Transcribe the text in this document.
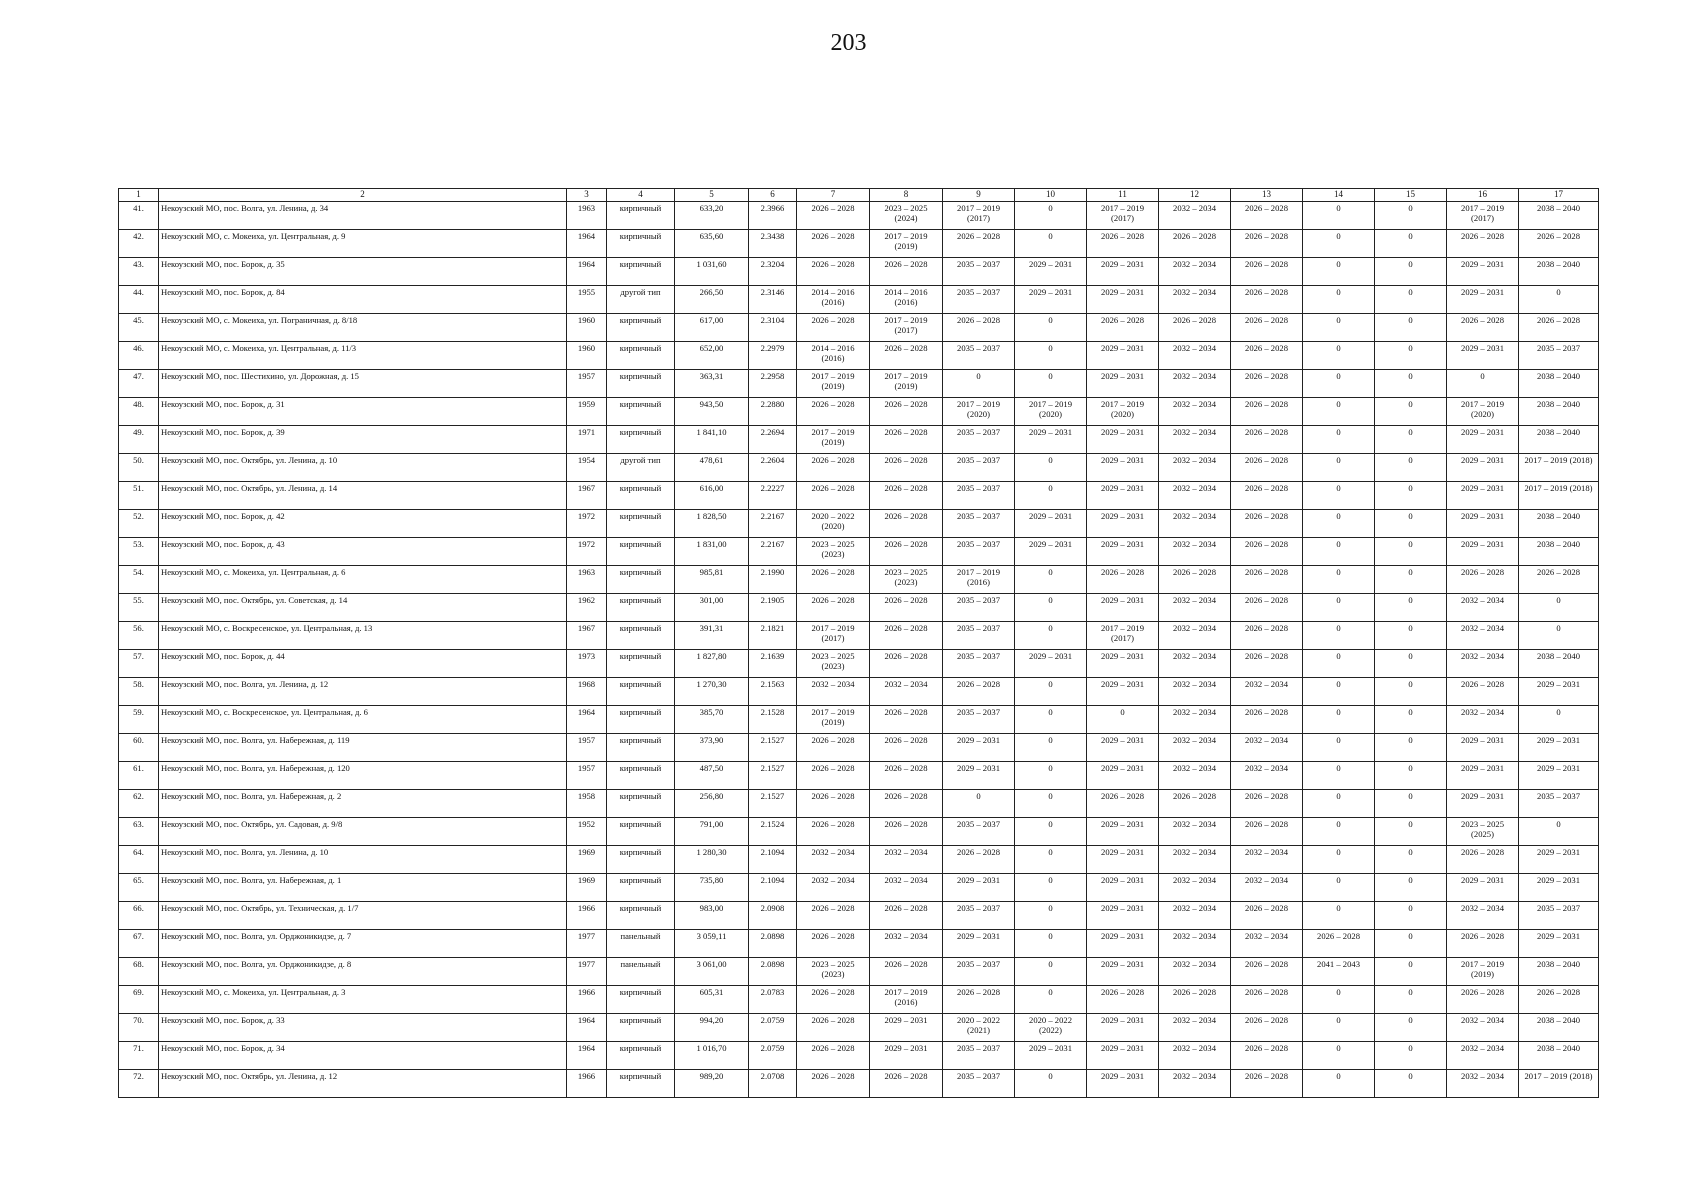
203
1	2	3	4	5	6	7	8	9	10	11	12	13	14	15	16	17
41.	Некоузский МО, пос. Волга, ул. Ленина, д. 34	1963	кирпичный	633,20	2.3966	2026 – 2028	2023 – 2025 (2024)	2017 – 2019 (2017)	0	2017 – 2019 (2017)	2032 – 2034	2026 – 2028	0	0	2017 – 2019 (2017)	2038 – 2040
42.	Некоузский МО, с. Мокеиха, ул. Центральная, д. 9	1964	кирпичный	635,60	2.3438	2026 – 2028	2017 – 2019 (2019)	2026 – 2028	0	2026 – 2028	2026 – 2028	2026 – 2028	0	0	2026 – 2028	2026 – 2028
43.	Некоузский МО, пос. Борок, д. 35	1964	кирпичный	1 031,60	2.3204	2026 – 2028	2026 – 2028	2035 – 2037	2029 – 2031	2029 – 2031	2032 – 2034	2026 – 2028	0	0	2029 – 2031	2038 – 2040
44.	Некоузский МО, пос. Борок, д. 84	1955	другой тип	266,50	2.3146	2014 – 2016 (2016)	2014 – 2016 (2016)	2035 – 2037	2029 – 2031	2029 – 2031	2032 – 2034	2026 – 2028	0	0	2029 – 2031	0
45.	Некоузский МО, с. Мокеиха, ул. Пограничная, д. 8/18	1960	кирпичный	617,00	2.3104	2026 – 2028	2017 – 2019 (2017)	2026 – 2028	0	2026 – 2028	2026 – 2028	2026 – 2028	0	0	2026 – 2028	2026 – 2028
46.	Некоузский МО, с. Мокеиха, ул. Центральная, д. 11/3	1960	кирпичный	652,00	2.2979	2014 – 2016 (2016)	2026 – 2028	2035 – 2037	0	2029 – 2031	2032 – 2034	2026 – 2028	0	0	2029 – 2031	2035 – 2037
47.	Некоузский МО, пос. Шестихино, ул. Дорожная, д. 15	1957	кирпичный	363,31	2.2958	2017 – 2019 (2019)	2017 – 2019 (2019)	0	0	2029 – 2031	2032 – 2034	2026 – 2028	0	0	0	2038 – 2040
48.	Некоузский МО, пос. Борок, д. 31	1959	кирпичный	943,50	2.2880	2026 – 2028	2026 – 2028	2017 – 2019 (2020)	2017 – 2019 (2020)	2017 – 2019 (2020)	2032 – 2034	2026 – 2028	0	0	2017 – 2019 (2020)	2038 – 2040
49.	Некоузский МО, пос. Борок, д. 39	1971	кирпичный	1 841,10	2.2694	2017 – 2019 (2019)	2026 – 2028	2035 – 2037	2029 – 2031	2029 – 2031	2032 – 2034	2026 – 2028	0	0	2029 – 2031	2038 – 2040
50.	Некоузский МО, пос. Октябрь, ул. Ленина, д. 10	1954	другой тип	478,61	2.2604	2026 – 2028	2026 – 2028	2035 – 2037	0	2029 – 2031	2032 – 2034	2026 – 2028	0	0	2029 – 2031	2017 – 2019 (2018)
51.	Некоузский МО, пос. Октябрь, ул. Ленина, д. 14	1967	кирпичный	616,00	2.2227	2026 – 2028	2026 – 2028	2035 – 2037	0	2029 – 2031	2032 – 2034	2026 – 2028	0	0	2029 – 2031	2017 – 2019 (2018)
52.	Некоузский МО, пос. Борок, д. 42	1972	кирпичный	1 828,50	2.2167	2020 – 2022 (2020)	2026 – 2028	2035 – 2037	2029 – 2031	2029 – 2031	2032 – 2034	2026 – 2028	0	0	2029 – 2031	2038 – 2040
53.	Некоузский МО, пос. Борок, д. 43	1972	кирпичный	1 831,00	2.2167	2023 – 2025 (2023)	2026 – 2028	2035 – 2037	2029 – 2031	2029 – 2031	2032 – 2034	2026 – 2028	0	0	2029 – 2031	2038 – 2040
54.	Некоузский МО, с. Мокеиха, ул. Центральная, д. 6	1963	кирпичный	985,81	2.1990	2026 – 2028	2023 – 2025 (2023)	2017 – 2019 (2016)	0	2026 – 2028	2026 – 2028	2026 – 2028	0	0	2026 – 2028	2026 – 2028
55.	Некоузский МО, пос. Октябрь, ул. Советская, д. 14	1962	кирпичный	301,00	2.1905	2026 – 2028	2026 – 2028	2035 – 2037	0	2029 – 2031	2032 – 2034	2026 – 2028	0	0	2032 – 2034	0
56.	Некоузский МО, с. Воскресенское, ул. Центральная, д. 13	1967	кирпичный	391,31	2.1821	2017 – 2019 (2017)	2026 – 2028	2035 – 2037	0	2017 – 2019 (2017)	2032 – 2034	2026 – 2028	0	0	2032 – 2034	0
57.	Некоузский МО, пос. Борок, д. 44	1973	кирпичный	1 827,80	2.1639	2023 – 2025 (2023)	2026 – 2028	2035 – 2037	2029 – 2031	2029 – 2031	2032 – 2034	2026 – 2028	0	0	2032 – 2034	2038 – 2040
58.	Некоузский МО, пос. Волга, ул. Ленина, д. 12	1968	кирпичный	1 270,30	2.1563	2032 – 2034	2032 – 2034	2026 – 2028	0	2029 – 2031	2032 – 2034	2032 – 2034	0	0	2026 – 2028	2029 – 2031
59.	Некоузский МО, с. Воскресенское, ул. Центральная, д. 6	1964	кирпичный	385,70	2.1528	2017 – 2019 (2019)	2026 – 2028	2035 – 2037	0	0	2032 – 2034	2026 – 2028	0	0	2032 – 2034	0
60.	Некоузский МО, пос. Волга, ул. Набережная, д. 119	1957	кирпичный	373,90	2.1527	2026 – 2028	2026 – 2028	2029 – 2031	0	2029 – 2031	2032 – 2034	2032 – 2034	0	0	2029 – 2031	2029 – 2031
61.	Некоузский МО, пос. Волга, ул. Набережная, д. 120	1957	кирпичный	487,50	2.1527	2026 – 2028	2026 – 2028	2029 – 2031	0	2029 – 2031	2032 – 2034	2032 – 2034	0	0	2029 – 2031	2029 – 2031
62.	Некоузский МО, пос. Волга, ул. Набережная, д. 2	1958	кирпичный	256,80	2.1527	2026 – 2028	2026 – 2028	0	0	2026 – 2028	2026 – 2028	2026 – 2028	0	0	2029 – 2031	2035 – 2037
63.	Некоузский МО, пос. Октябрь, ул. Садовая, д. 9/8	1952	кирпичный	791,00	2.1524	2026 – 2028	2026 – 2028	2035 – 2037	0	2029 – 2031	2032 – 2034	2026 – 2028	0	0	2023 – 2025 (2025)	0
64.	Некоузский МО, пос. Волга, ул. Ленина, д. 10	1969	кирпичный	1 280,30	2.1094	2032 – 2034	2032 – 2034	2026 – 2028	0	2029 – 2031	2032 – 2034	2032 – 2034	0	0	2026 – 2028	2029 – 2031
65.	Некоузский МО, пос. Волга, ул. Набережная, д. 1	1969	кирпичный	735,80	2.1094	2032 – 2034	2032 – 2034	2029 – 2031	0	2029 – 2031	2032 – 2034	2032 – 2034	0	0	2029 – 2031	2029 – 2031
66.	Некоузский МО, пос. Октябрь, ул. Техническая, д. 1/7	1966	кирпичный	983,00	2.0908	2026 – 2028	2026 – 2028	2035 – 2037	0	2029 – 2031	2032 – 2034	2026 – 2028	0	0	2032 – 2034	2035 – 2037
67.	Некоузский МО, пос. Волга, ул. Орджоникидзе, д. 7	1977	панельный	3 059,11	2.0898	2026 – 2028	2032 – 2034	2029 – 2031	0	2029 – 2031	2032 – 2034	2032 – 2034	2026 – 2028	0	2026 – 2028	2029 – 2031
68.	Некоузский МО, пос. Волга, ул. Орджоникидзе, д. 8	1977	панельный	3 061,00	2.0898	2023 – 2025 (2023)	2026 – 2028	2035 – 2037	0	2029 – 2031	2032 – 2034	2026 – 2028	2041 – 2043	0	2017 – 2019 (2019)	2038 – 2040
69.	Некоузский МО, с. Мокеиха, ул. Центральная, д. 3	1966	кирпичный	605,31	2.0783	2026 – 2028	2017 – 2019 (2016)	2026 – 2028	0	2026 – 2028	2026 – 2028	2026 – 2028	0	0	2026 – 2028	2026 – 2028
70.	Некоузский МО, пос. Борок, д. 33	1964	кирпичный	994,20	2.0759	2026 – 2028	2029 – 2031	2020 – 2022 (2021)	2020 – 2022 (2022)	2029 – 2031	2032 – 2034	2026 – 2028	0	0	2032 – 2034	2038 – 2040
71.	Некоузский МО, пос. Борок, д. 34	1964	кирпичный	1 016,70	2.0759	2026 – 2028	2029 – 2031	2035 – 2037	2029 – 2031	2029 – 2031	2032 – 2034	2026 – 2028	0	0	2032 – 2034	2038 – 2040
72.	Некоузский МО, пос. Октябрь, ул. Ленина, д. 12	1966	кирпичный	989,20	2.0708	2026 – 2028	2026 – 2028	2035 – 2037	0	2029 – 2031	2032 – 2034	2026 – 2028	0	0	2032 – 2034	2017 – 2019 (2018)
